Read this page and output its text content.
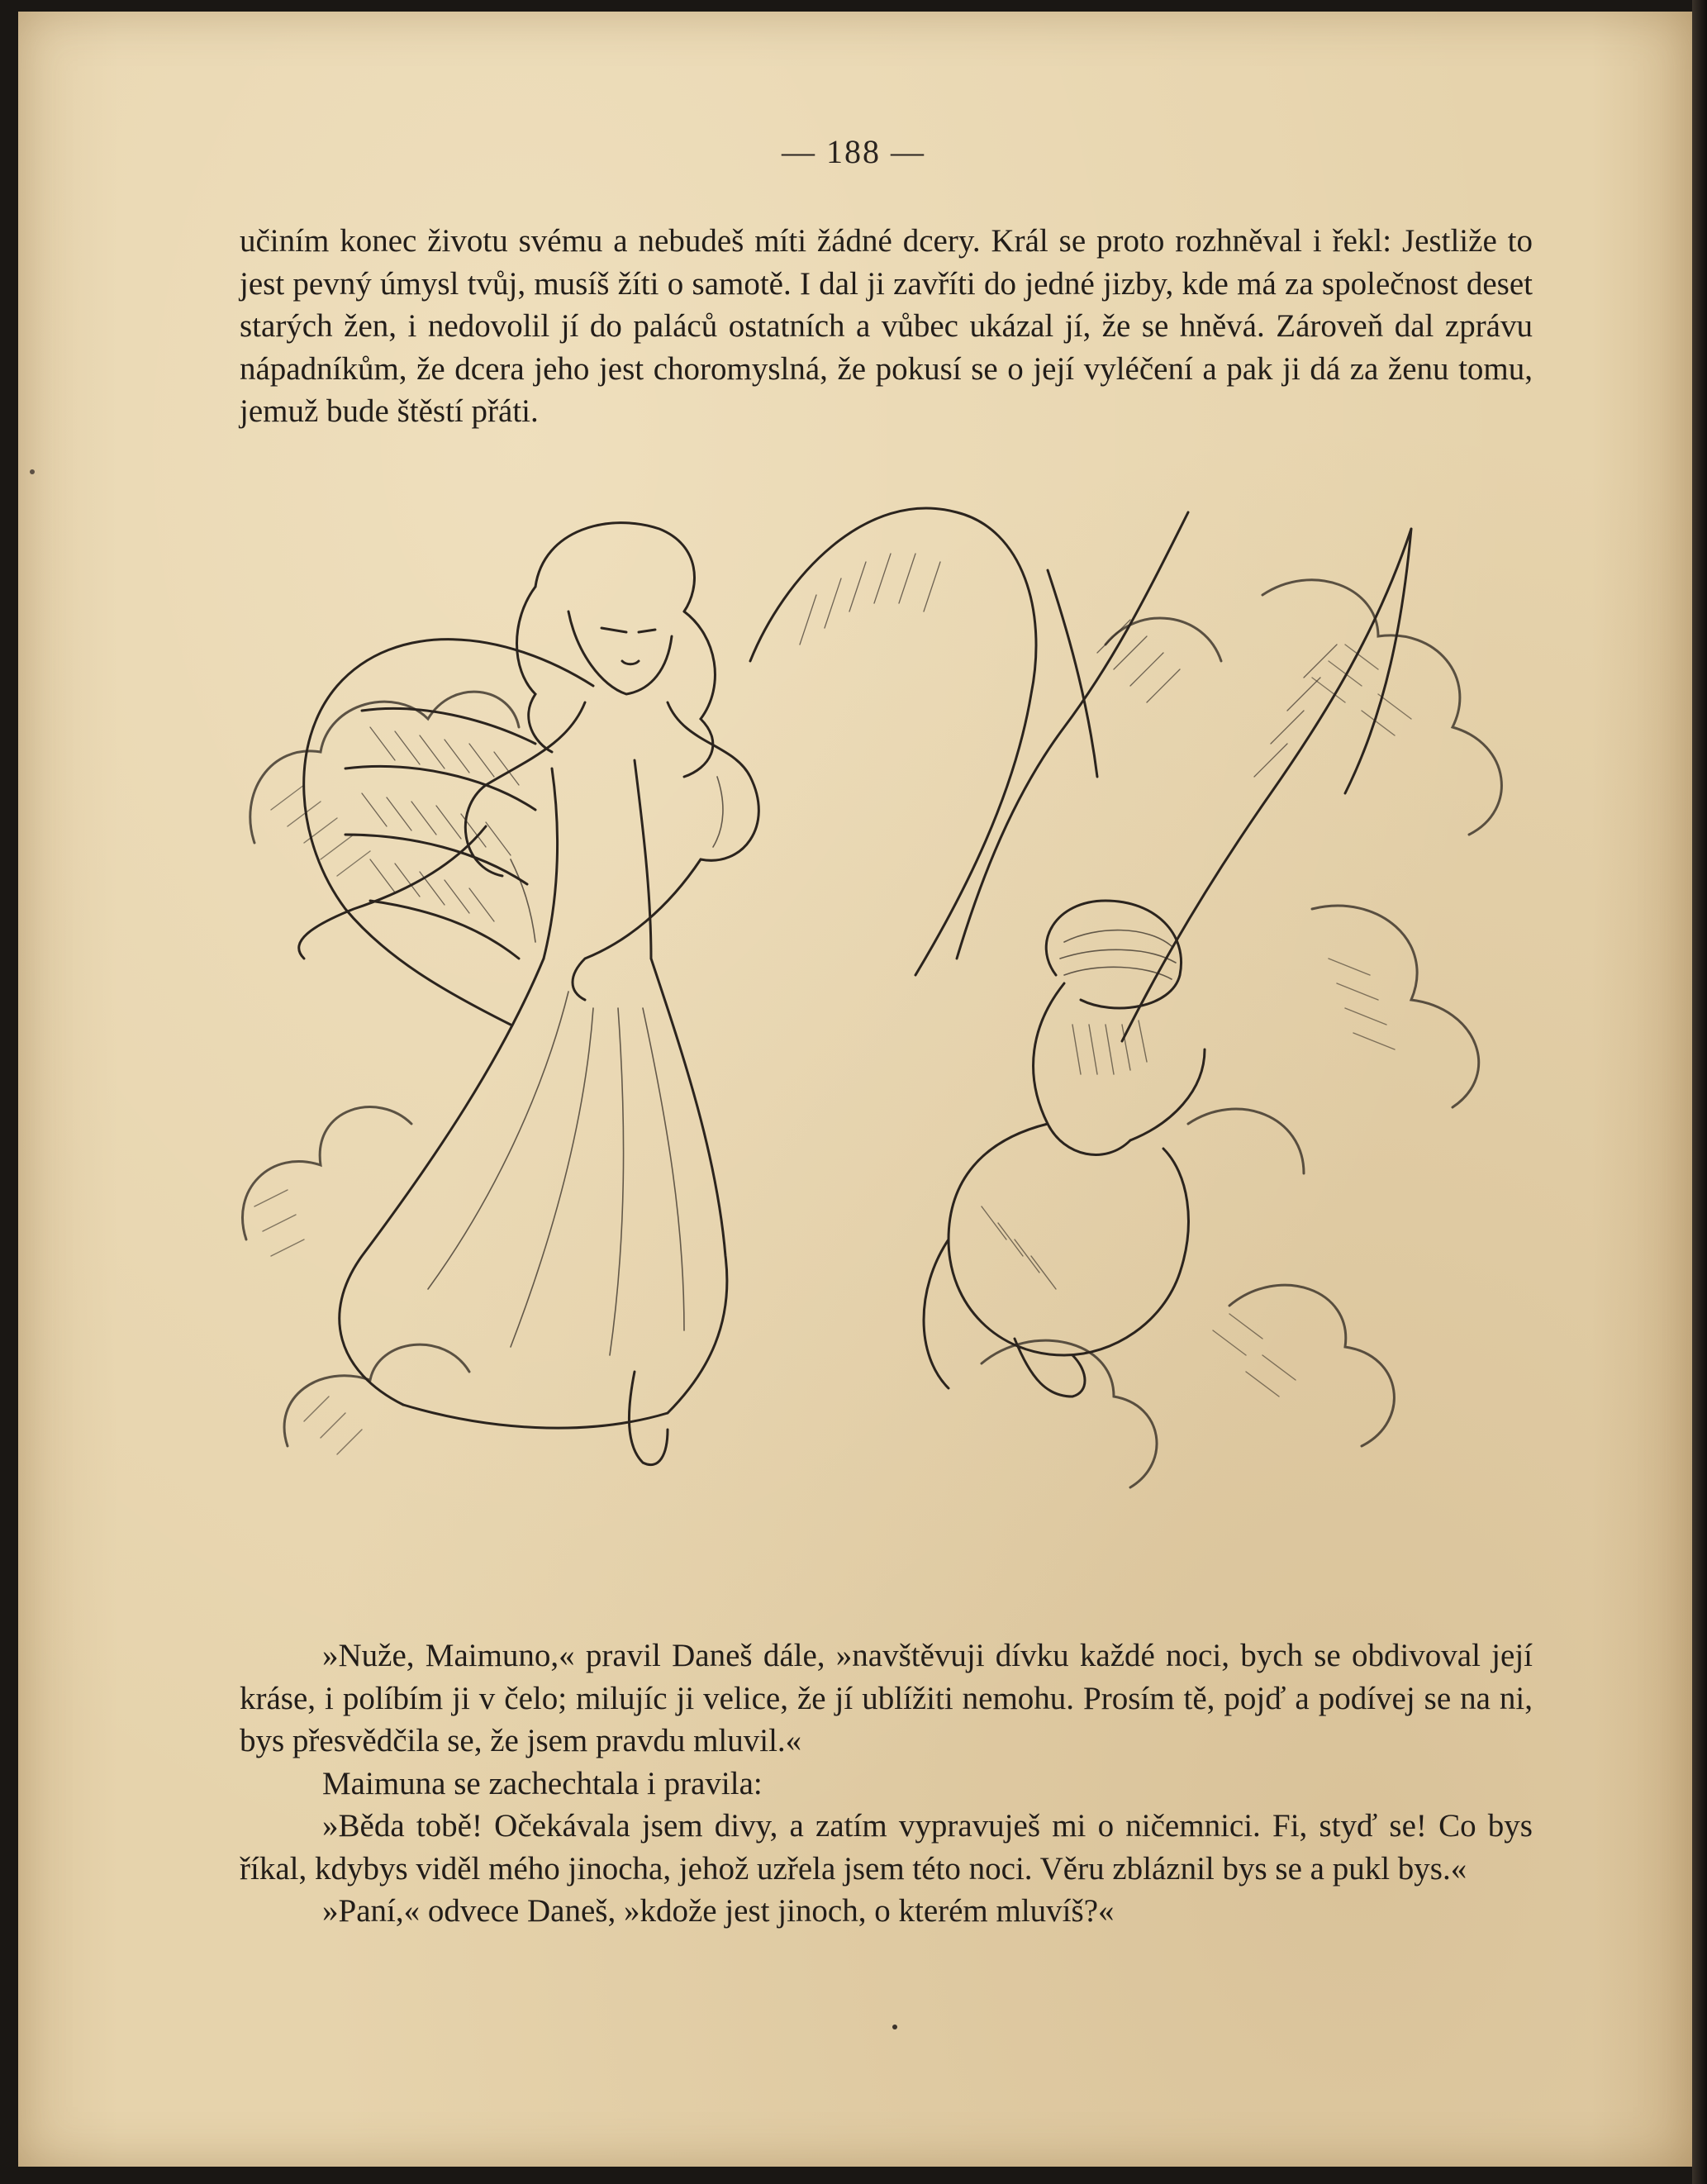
— 188 —

učiním konec životu svému a nebudeš míti žádné dcery. Král se proto rozhněval i řekl: Jestliže to jest pevný úmysl tvůj, musíš žíti o samotě. I dal ji zavříti do jedné jizby, kde má za společnost deset starých žen, i nedovolil jí do paláců ostatních a vůbec ukázal jí, že se hněvá. Zároveň dal zprávu nápadníkům, že dcera jeho jest choromyslná, že pokusí se o její vyléčení a pak ji dá za ženu tomu, jemuž bude štěstí přáti.

»Nuže, Maimuno,« pravil Daneš dále, »navštěvuji dívku každé noci, bych se obdivoval její kráse, i políbím ji v čelo; milujíc ji velice, že jí ublížiti nemohu. Prosím tě, pojď a podívej se na ni, bys přesvědčila se, že jsem pravdu mluvil.«

Maimuna se zachechtala i pravila:

»Běda tobě! Očekávala jsem divy, a zatím vypravuješ mi o ničemnici. Fi, styď se! Co bys říkal, kdybys viděl mého jinocha, jehož uzřela jsem této noci. Věru zbláznil bys se a pukl bys.«

»Paní,« odvece Daneš, »kdože jest jinoch, o kterém mluvíš?«
